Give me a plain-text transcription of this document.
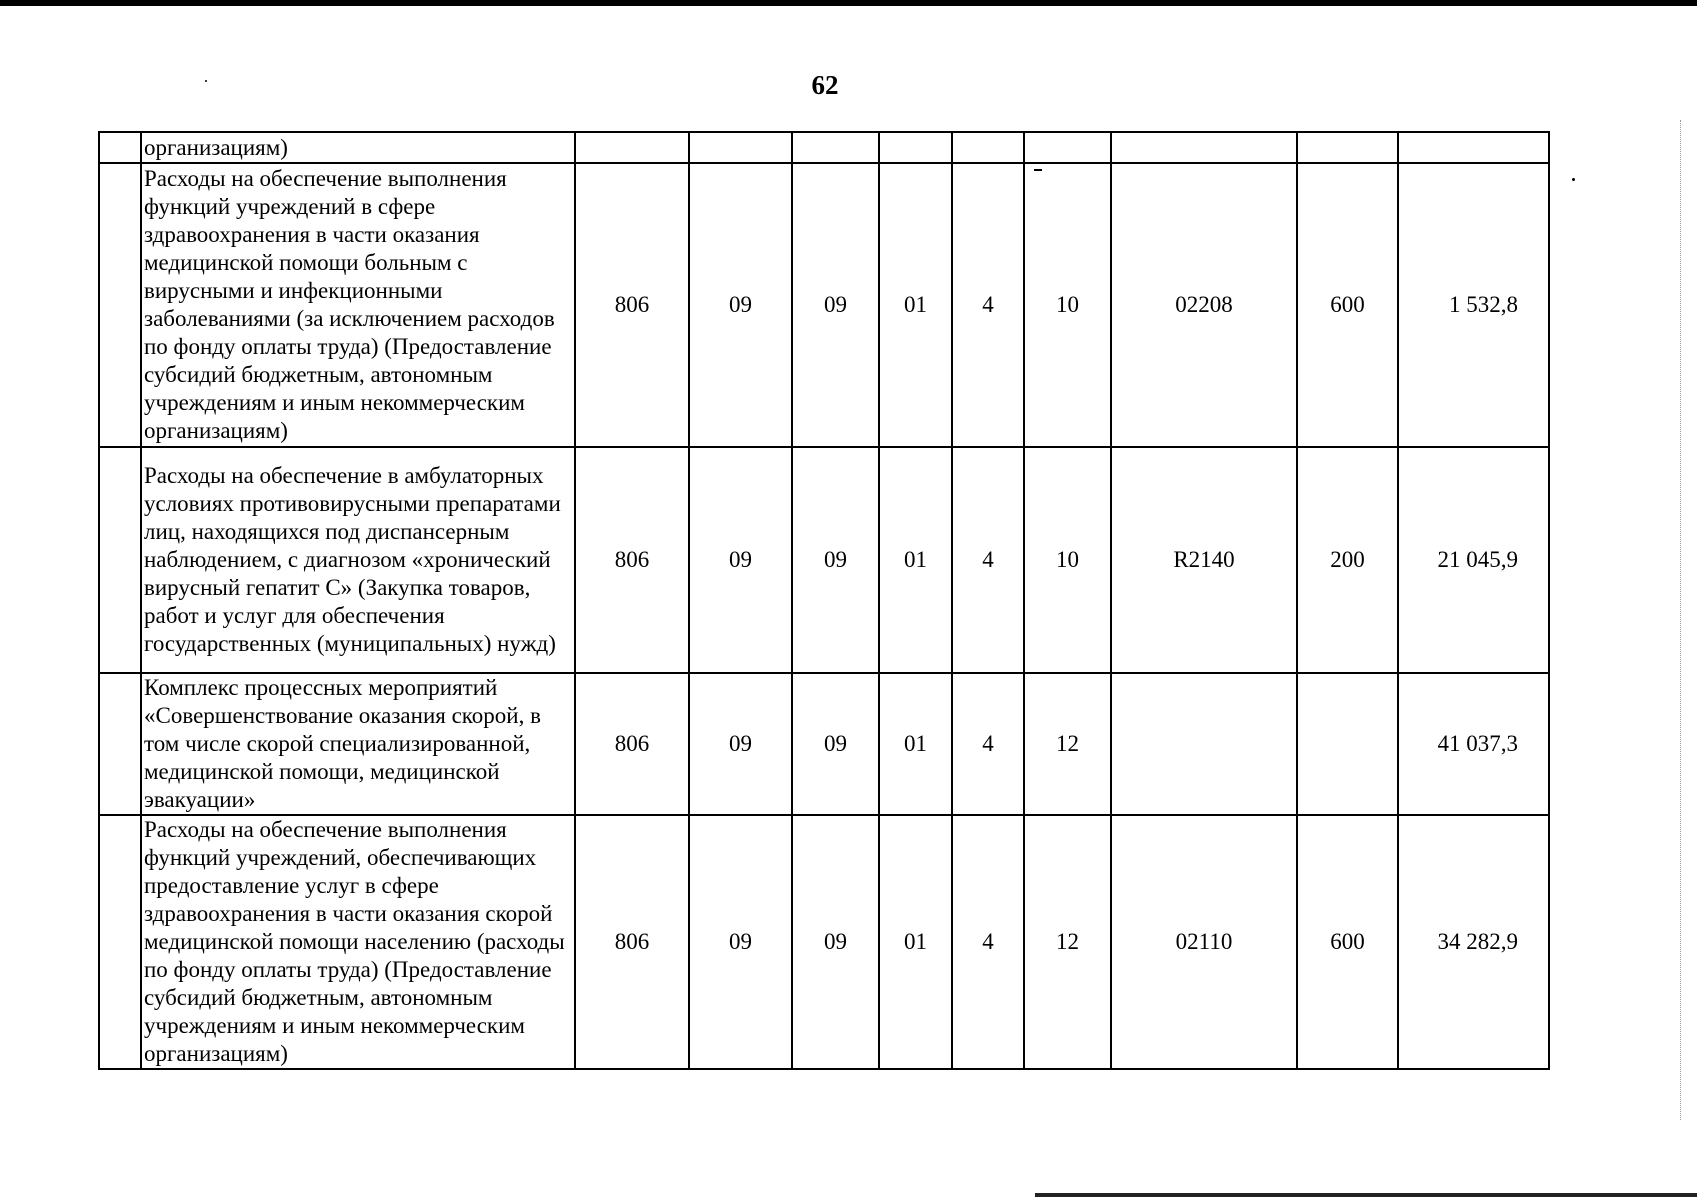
62
	организациям)									
	Расходы на обеспечение выполнения функций учреждений в сфере здравоохранения в части оказания медицинской помощи больным с вирусными и инфекционными заболеваниями (за исключением расходов по фонду оплаты труда) (Предоставление субсидий бюджетным, автономным учреждениям и иным некоммерческим организациям)	806	09	09	01	4	10	02208	600	1 532,8
	Расходы на обеспечение в амбулаторных условиях противовирусными препаратами лиц, находящихся под диспансерным наблюдением, с диагнозом «хронический вирусный гепатит С» (Закупка товаров, работ и услуг для обеспечения государственных (муниципальных) нужд)	806	09	09	01	4	10	R2140	200	21 045,9
	Комплекс процессных мероприятий «Совершенствование оказания скорой, в том числе скорой специализированной, медицинской помощи, медицинской эвакуации»	806	09	09	01	4	12			41 037,3
	Расходы на обеспечение выполнения функций учреждений, обеспечивающих предоставление услуг в сфере здравоохранения в части оказания скорой медицинской помощи населению (расходы по фонду оплаты труда) (Предоставление субсидий бюджетным, автономным учреждениям и иным некоммерческим организациям)	806	09	09	01	4	12	02110	600	34 282,9
